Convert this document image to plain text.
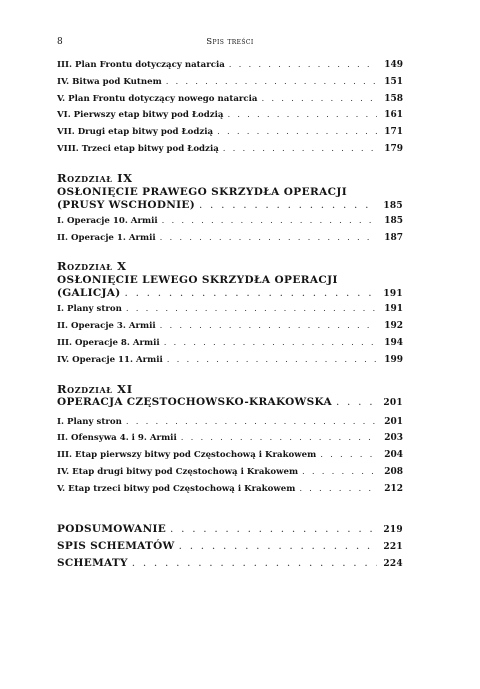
8	Spis treści
III. Plan Frontu dotyczący natarcia . . .	149
IV. Bitwa pod Kutnem . . .	151
V. Plan Frontu dotyczący nowego natarcia . . .	158
VI. Pierwszy etap bitwy pod Łodzią . . .	161
VII. Drugi etap bitwy pod Łodzią . . .	171
VIII. Trzeci etap bitwy pod Łodzią . . .	179
Rozdział IX
OSŁONIĘCIE PRAWEGO SKRZYDŁA OPERACJI
(PRUSY WSCHODNIE) . . .	185
I. Operacje 10. Armii . . .	185
II. Operacje 1. Armii . . .	187
Rozdział X
OSŁONIĘCIE LEWEGO SKRZYDŁA OPERACJI
(GALICJA) . . .	191
I. Plany stron . . .	191
II. Operacje 3. Armii . . .	192
III. Operacje 8. Armii . . .	194
IV. Operacje 11. Armii . . .	199
Rozdział XI
OPERACJA CZĘSTOCHOWSKO-KRAKOWSKA . . .	201
I. Plany stron . . .	201
II. Ofensywa 4. i 9. Armii . . .	203
III. Etap pierwszy bitwy pod Częstochową i Krakowem . . .	204
IV. Etap drugi bitwy pod Częstochową i Krakowem . . .	208
V. Etap trzeci bitwy pod Częstochową i Krakowem . . .	212
PODSUMOWANIE . . .	219
SPIS SCHEMATÓW . . .	221
SCHEMATY . . .	224
